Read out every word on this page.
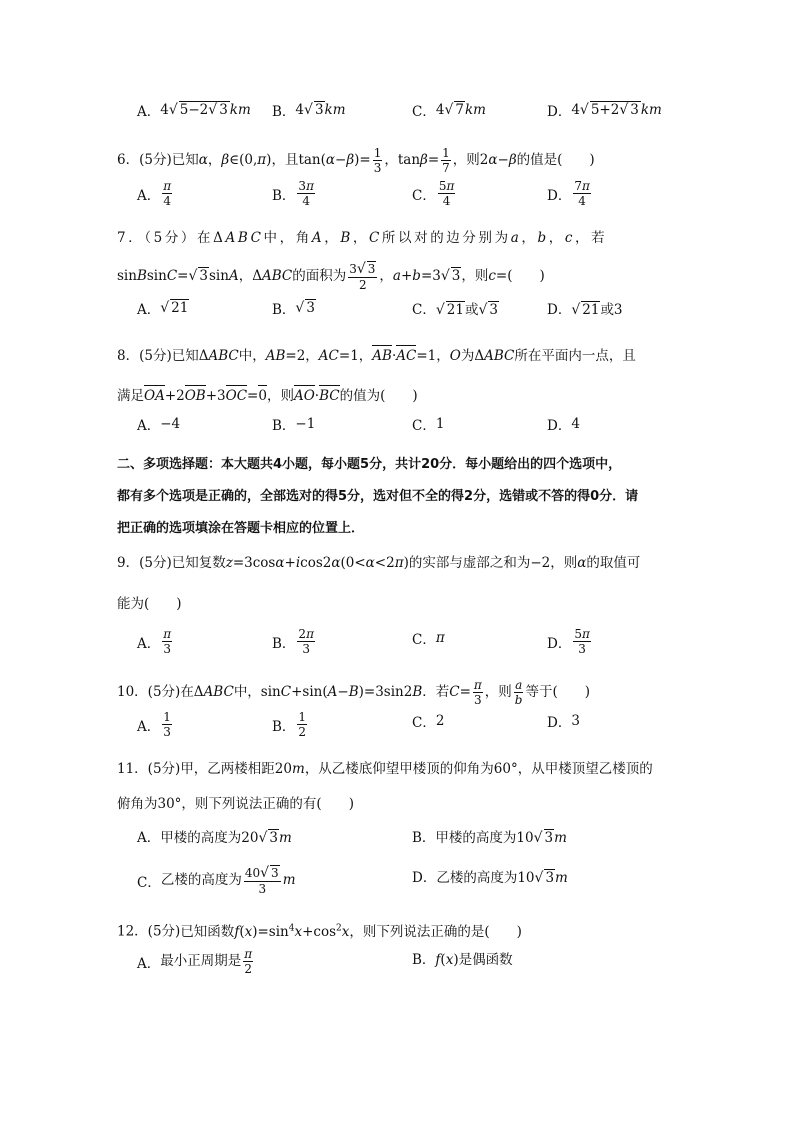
A． 4√ 5−2√ 3 km B． 4√ 3km	C． 4√ 7km	D． 4√ 5+2√ 3 km
6．(5分)已知α，β∈(0,π)，且$\tan(\alpha-\beta)= \frac{1}{3}$ ，$\tan\beta= \frac{1}{7}$ ，则2α−β的值是(　　)
A． $\frac{\pi}{4}$	B． $\frac{3\pi}{4}$	C． $\frac{5\pi}{4}$	D． $\frac{7\pi}{4}$
7．（5分）在ΔABC中，角A，B，C所以对的边分别为a，b，c，若
sinBsinC=√ 3sinA，ΔABC的面积为 $\frac{3√ 3}{2}$ ，a+b=3√ 3，则c=(　　)
A． √ 21	B． √ 3	C． √ 21或√ 3	D． √ 21或3
8．(5分)已知ΔABC中，AB=2，AC=1，AB·AC=1，O为ΔABC所在平面内一点，且
满足OA+2OB+3OC=0，则AO·BC的值为(　　)
A． −4	B． −1	C． 1	D． 4
二、多项选择题：本大题共4小题，每小题5分，共计20分．每小题给出的四个选项中，
都有多个选项是正确的，全部选对的得5分，选对但不全的得2分，选错或不答的得0分．请
把正确的选项填涂在答题卡相应的位置上．
9．(5分)已知复数z=3cosα+icos2α(0<α<2π)的实部与虚部之和为−2，则α的取值可
能为(　　)
A． $\frac{\pi}{3}$	B． $\frac{2\pi}{3}$	C． π	D． $\frac{5\pi}{3}$
10．(5分)在ΔABC中，sinC+sin(A−B)=3sin2B．若$C= \frac{\pi}{3}$ ，则 $\frac{a}{b}$ 等于(　　)
A． $\frac{1}{3}$	B． $\frac{1}{2}$	C． 2	D． 3
11．(5分)甲，乙两楼相距20m，从乙楼底仰望甲楼顶的仰角为60°，从甲楼顶望乙楼顶的
俯角为30°，则下列说法正确的有(　　)
A． 甲楼的高度为20√ 3m	B． 甲楼的高度为10√ 3m
C． 乙楼的高度为 $\frac{40√ 3}{3}$ m	D． 乙楼的高度为10√ 3m
12．(5分)已知函数$f(x)=\sin^4x+\cos^2x$，则下列说法正确的是(　　)
A． 最小正周期是 $\frac{\pi}{2}$	B． f(x)是偶函数
